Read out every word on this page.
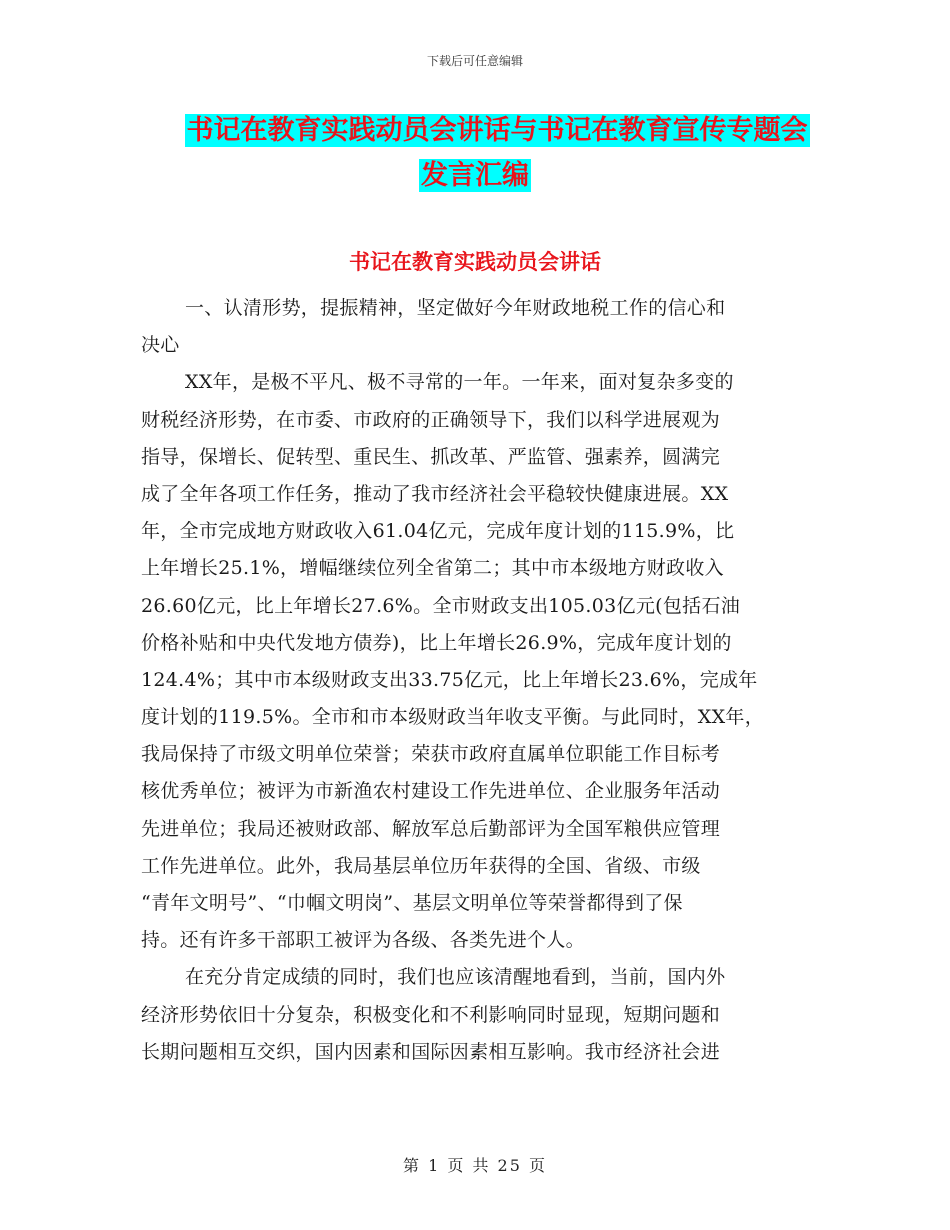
下载后可任意编辑
书记在教育实践动员会讲话与书记在教育宣传专题会
发言汇编
书记在教育实践动员会讲话
一、认清形势，提振精神，坚定做好今年财政地税工作的信心和
决心
XX年，是极不平凡、极不寻常的一年。一年来，面对复杂多变的
财税经济形势，在市委、市政府的正确领导下，我们以科学进展观为
指导，保增长、促转型、重民生、抓改革、严监管、强素养，圆满完
成了全年各项工作任务，推动了我市经济社会平稳较快健康进展。XX
年，全市完成地方财政收入61.04亿元，完成年度计划的115.9%，比
上年增长25.1%，增幅继续位列全省第二；其中市本级地方财政收入
26.60亿元，比上年增长27.6%。全市财政支出105.03亿元(包括石油
价格补贴和中央代发地方债券)，比上年增长26.9%，完成年度计划的
124.4%；其中市本级财政支出33.75亿元，比上年增长23.6%，完成年
度计划的119.5%。全市和市本级财政当年收支平衡。与此同时，XX年，
我局保持了市级文明单位荣誉；荣获市政府直属单位职能工作目标考
核优秀单位；被评为市新渔农村建设工作先进单位、企业服务年活动
先进单位；我局还被财政部、解放军总后勤部评为全国军粮供应管理
工作先进单位。此外，我局基层单位历年获得的全国、省级、市级
“青年文明号”、“巾帼文明岗”、基层文明单位等荣誉都得到了保
持。还有许多干部职工被评为各级、各类先进个人。
在充分肯定成绩的同时，我们也应该清醒地看到，当前，国内外
经济形势依旧十分复杂，积极变化和不利影响同时显现，短期问题和
长期问题相互交织，国内因素和国际因素相互影响。我市经济社会进
第 1 页 共 25 页
